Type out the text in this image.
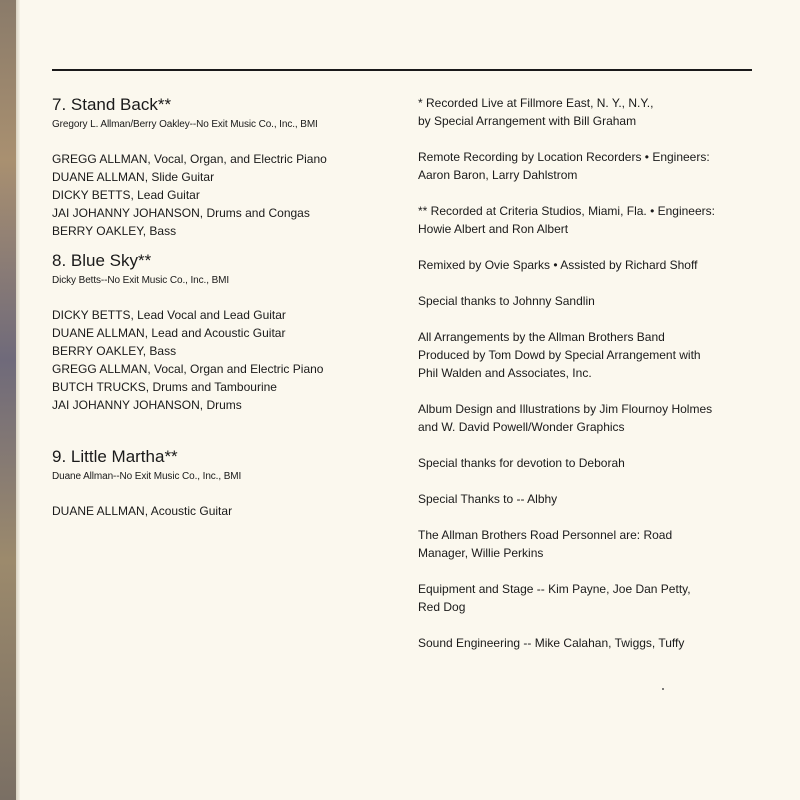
7. Stand Back**

Gregory L. Allman/Berry Oakley--No Exit Music Co., Inc., BMI

GREGG ALLMAN, Vocal, Organ, and Electric Piano

DUANE ALLMAN, Slide Guitar

DICKY BETTS, Lead Guitar

JAI JOHANNY JOHANSON, Drums and Congas

BERRY OAKLEY, Bass

8. Blue Sky**

Dicky Betts--No Exit Music Co., Inc., BMI

DICKY BETTS, Lead Vocal and Lead Guitar

DUANE ALLMAN, Lead and Acoustic Guitar

BERRY OAKLEY, Bass

GREGG ALLMAN, Vocal, Organ and Electric Piano

BUTCH TRUCKS, Drums and Tambourine

JAI JOHANNY JOHANSON, Drums

9. Little Martha**

Duane Allman--No Exit Music Co., Inc., BMI

DUANE ALLMAN, Acoustic Guitar

* Recorded Live at Fillmore East, N. Y., N.Y.,
by Special Arrangement with Bill Graham

Remote Recording by Location Recorders • Engineers:
Aaron Baron, Larry Dahlstrom

** Recorded at Criteria Studios, Miami, Fla. • Engineers:
Howie Albert and Ron Albert

Remixed by Ovie Sparks • Assisted by Richard Shoff

Special thanks to Johnny Sandlin

All Arrangements by the Allman Brothers Band
Produced by Tom Dowd by Special Arrangement with
Phil Walden and Associates, Inc.

Album Design and Illustrations by Jim Flournoy Holmes
and W. David Powell/Wonder Graphics

Special thanks for devotion to Deborah

Special Thanks to -- Albhy

The Allman Brothers Road Personnel are: Road
Manager, Willie Perkins

Equipment and Stage -- Kim Payne, Joe Dan Petty,
Red Dog

Sound Engineering -- Mike Calahan, Twiggs, Tuffy
